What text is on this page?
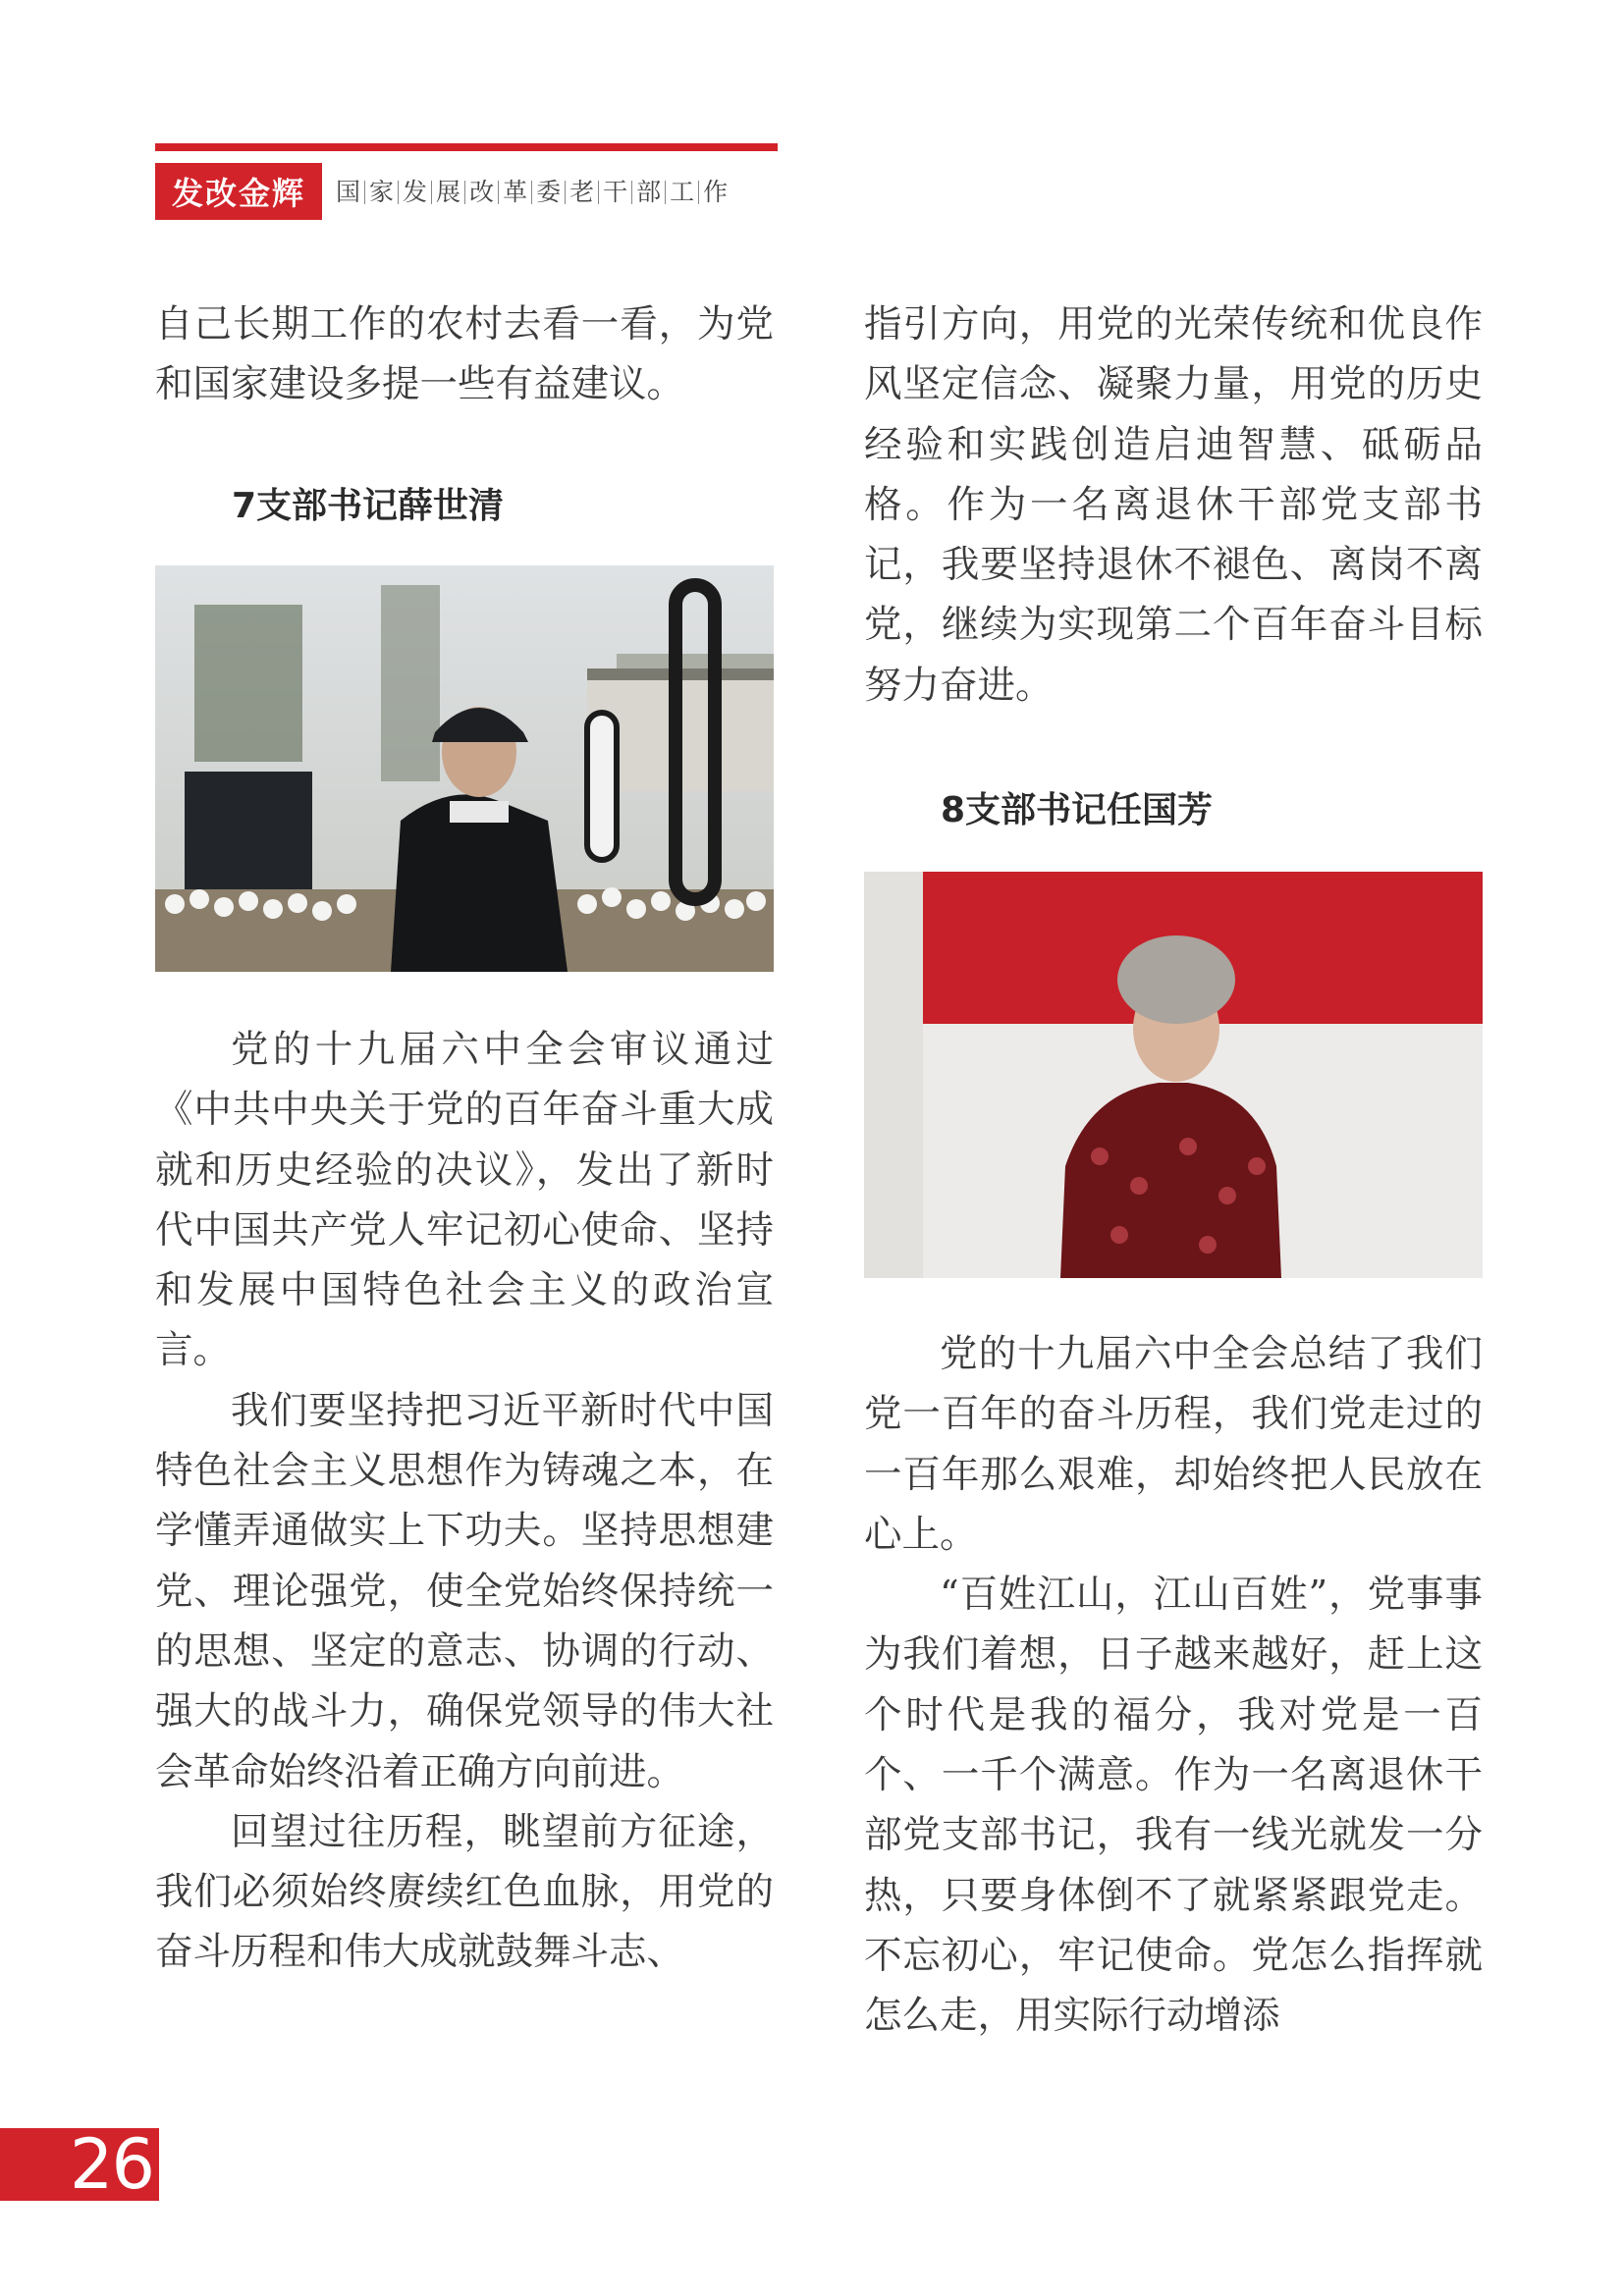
发改金辉	国 家 发 展 改 革 委 老 干 部 工 作

自己长期工作的农村去看一看，为党和国家建设多提一些有益建议。

7支部书记薛世清

党的十九届六中全会审议通过《中共中央关于党的百年奋斗重大成就和历史经验的决议》，发出了新时代中国共产党人牢记初心使命、坚持和发展中国特色社会主义的政治宣言。

我们要坚持把习近平新时代中国特色社会主义思想作为铸魂之本，在学懂弄通做实上下功夫。坚持思想建党、理论强党，使全党始终保持统一的思想、坚定的意志、协调的行动、强大的战斗力，确保党领导的伟大社会革命始终沿着正确方向前进。

回望过往历程，眺望前方征途，我们必须始终赓续红色血脉，用党的奋斗历程和伟大成就鼓舞斗志、

指引方向，用党的光荣传统和优良作风坚定信念、凝聚力量，用党的历史经验和实践创造启迪智慧、砥砺品格。作为一名离退休干部党支部书记，我要坚持退休不褪色、离岗不离党，继续为实现第二个百年奋斗目标努力奋进。

8支部书记任国芳

党的十九届六中全会总结了我们党一百年的奋斗历程，我们党走过的一百年那么艰难，却始终把人民放在心上。

“百姓江山，江山百姓”，党事事为我们着想，日子越来越好，赶上这个时代是我的福分，我对党是一百个、一千个满意。作为一名离退休干部党支部书记，我有一线光就发一分热，只要身体倒不了就紧紧跟党走。不忘初心，牢记使命。党怎么指挥就怎么走，用实际行动增添

26
